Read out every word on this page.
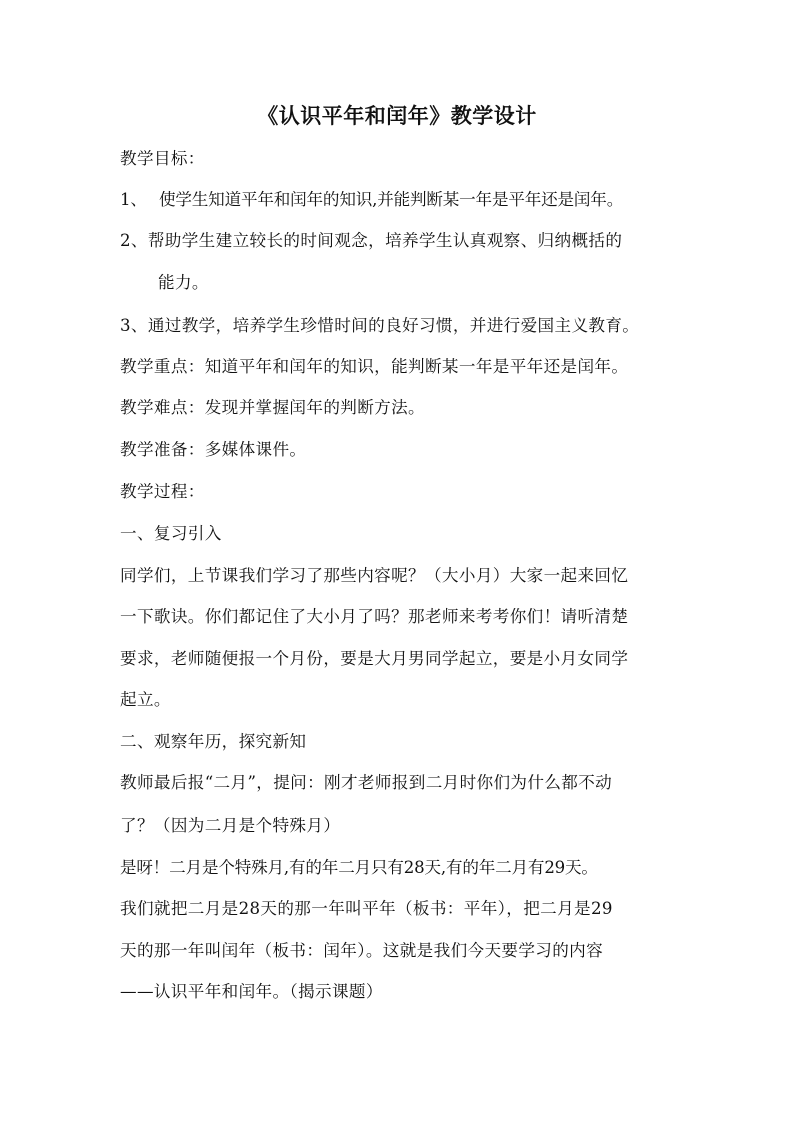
《认识平年和闰年》教学设计
教学目标：
1、 使学生知道平年和闰年的知识,并能判断某一年是平年还是闰年。
2、帮助学生建立较长的时间观念，培养学生认真观察、归纳概括的
能力。
3、通过教学，培养学生珍惜时间的良好习惯，并进行爱国主义教育。
教学重点：知道平年和闰年的知识，能判断某一年是平年还是闰年。
教学难点：发现并掌握闰年的判断方法。
教学准备：多媒体课件。
教学过程：
一、复习引入
同学们，上节课我们学习了那些内容呢？（大小月）大家一起来回忆
一下歌诀。你们都记住了大小月了吗？那老师来考考你们！请听清楚
要求，老师随便报一个月份，要是大月男同学起立，要是小月女同学
起立。
二、观察年历，探究新知
教师最后报“二月”，提问：刚才老师报到二月时你们为什么都不动
了？（因为二月是个特殊月）
是呀！二月是个特殊月,有的年二月只有28天,有的年二月有29天。
我们就把二月是28天的那一年叫平年（板书：平年），把二月是29
天的那一年叫闰年（板书：闰年）。这就是我们今天要学习的内容
——认识平年和闰年。（揭示课题）
